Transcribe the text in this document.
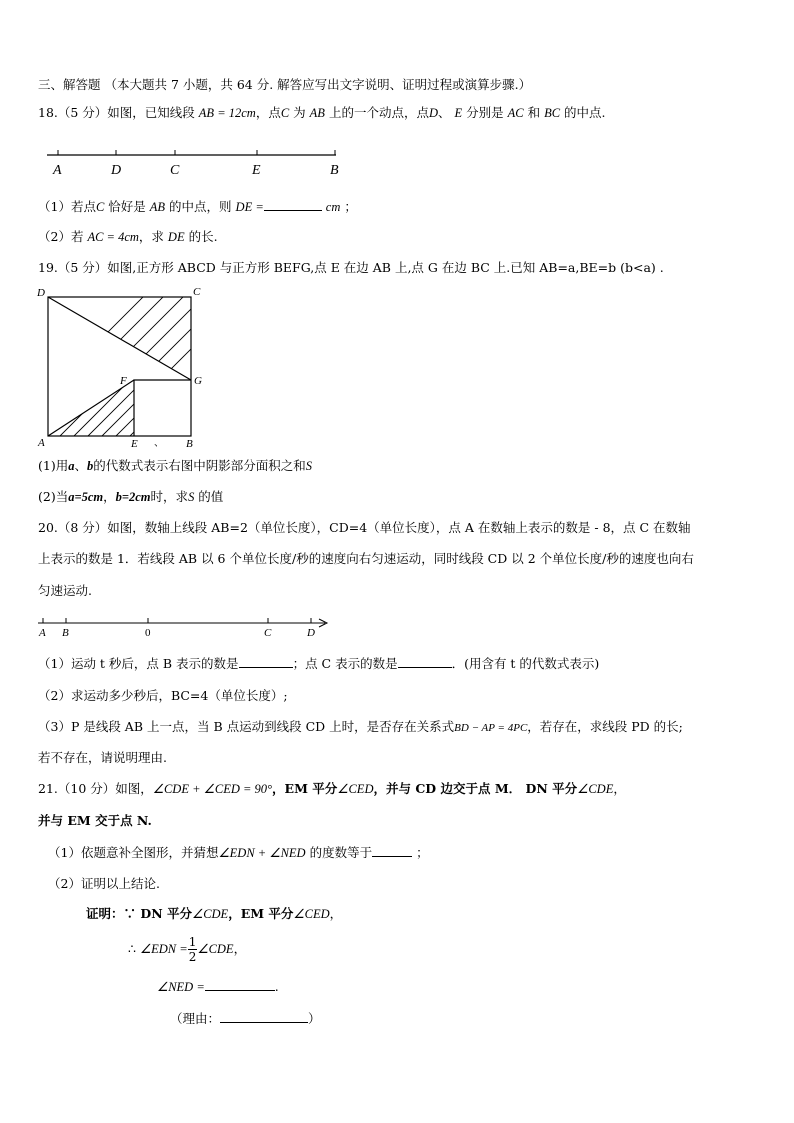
三、解答题 （本大题共 7 小题，共 64 分. 解答应写出文字说明、证明过程或演算步骤.）
18.（5 分）如图，已知线段 AB = 12cm，点C 为 AB 上的一个动点，点D、 E 分别是 AC 和 BC 的中点.
A	D	C	E	B
（1）若点C 恰好是 AB 的中点，则 DE =	cm ；
（2）若 AC = 4cm，求 DE 的长.
19.（5 分）如图,正方形 ABCD 与正方形 BEFG,点 E 在边 AB 上,点 G 在边 BC 上.已知 AB=a,BE=b (b<a) .
D	C
F	G
A	E	B
、
(1)用a、b的代数式表示右图中阴影部分面积之和S
(2)当a=5cm，b=2cm时，求S 的值
20.（8 分）如图，数轴上线段 AB=2（单位长度），CD=4（单位长度），点 A 在数轴上表示的数是 - 8，点 C 在数轴
上表示的数是 1．若线段 AB 以 6 个单位长度/秒的速度向右匀速运动，同时线段 CD 以 2 个单位长度/秒的速度也向右
匀速运动.
A B	0	C	D
（1）运动 t 秒后，点 B 表示的数是	；点 C 表示的数是	．(用含有 t 的代数式表示)
（2）求运动多少秒后，BC=4（单位长度）;
（3）P 是线段 AB 上一点，当 B 点运动到线段 CD 上时，是否存在关系式BD − AP = 4PC，若存在，求线段 PD 的长;
若不存在，请说明理由.
21.（10 分）如图，∠CDE + ∠CED = 90°，EM 平分∠CED，并与 CD 边交于点 M． DN 平分∠CDE，
并与 EM 交于点 N.
（1）依题意补全图形，并猜想∠EDN + ∠NED 的度数等于	；
（2）证明以上结论.
证明：∵ DN 平分∠CDE，EM 平分∠CED，
∴ ∠EDN = $\frac{1}{2}$ ∠CDE，
∠NED =	.
（理由：	）
